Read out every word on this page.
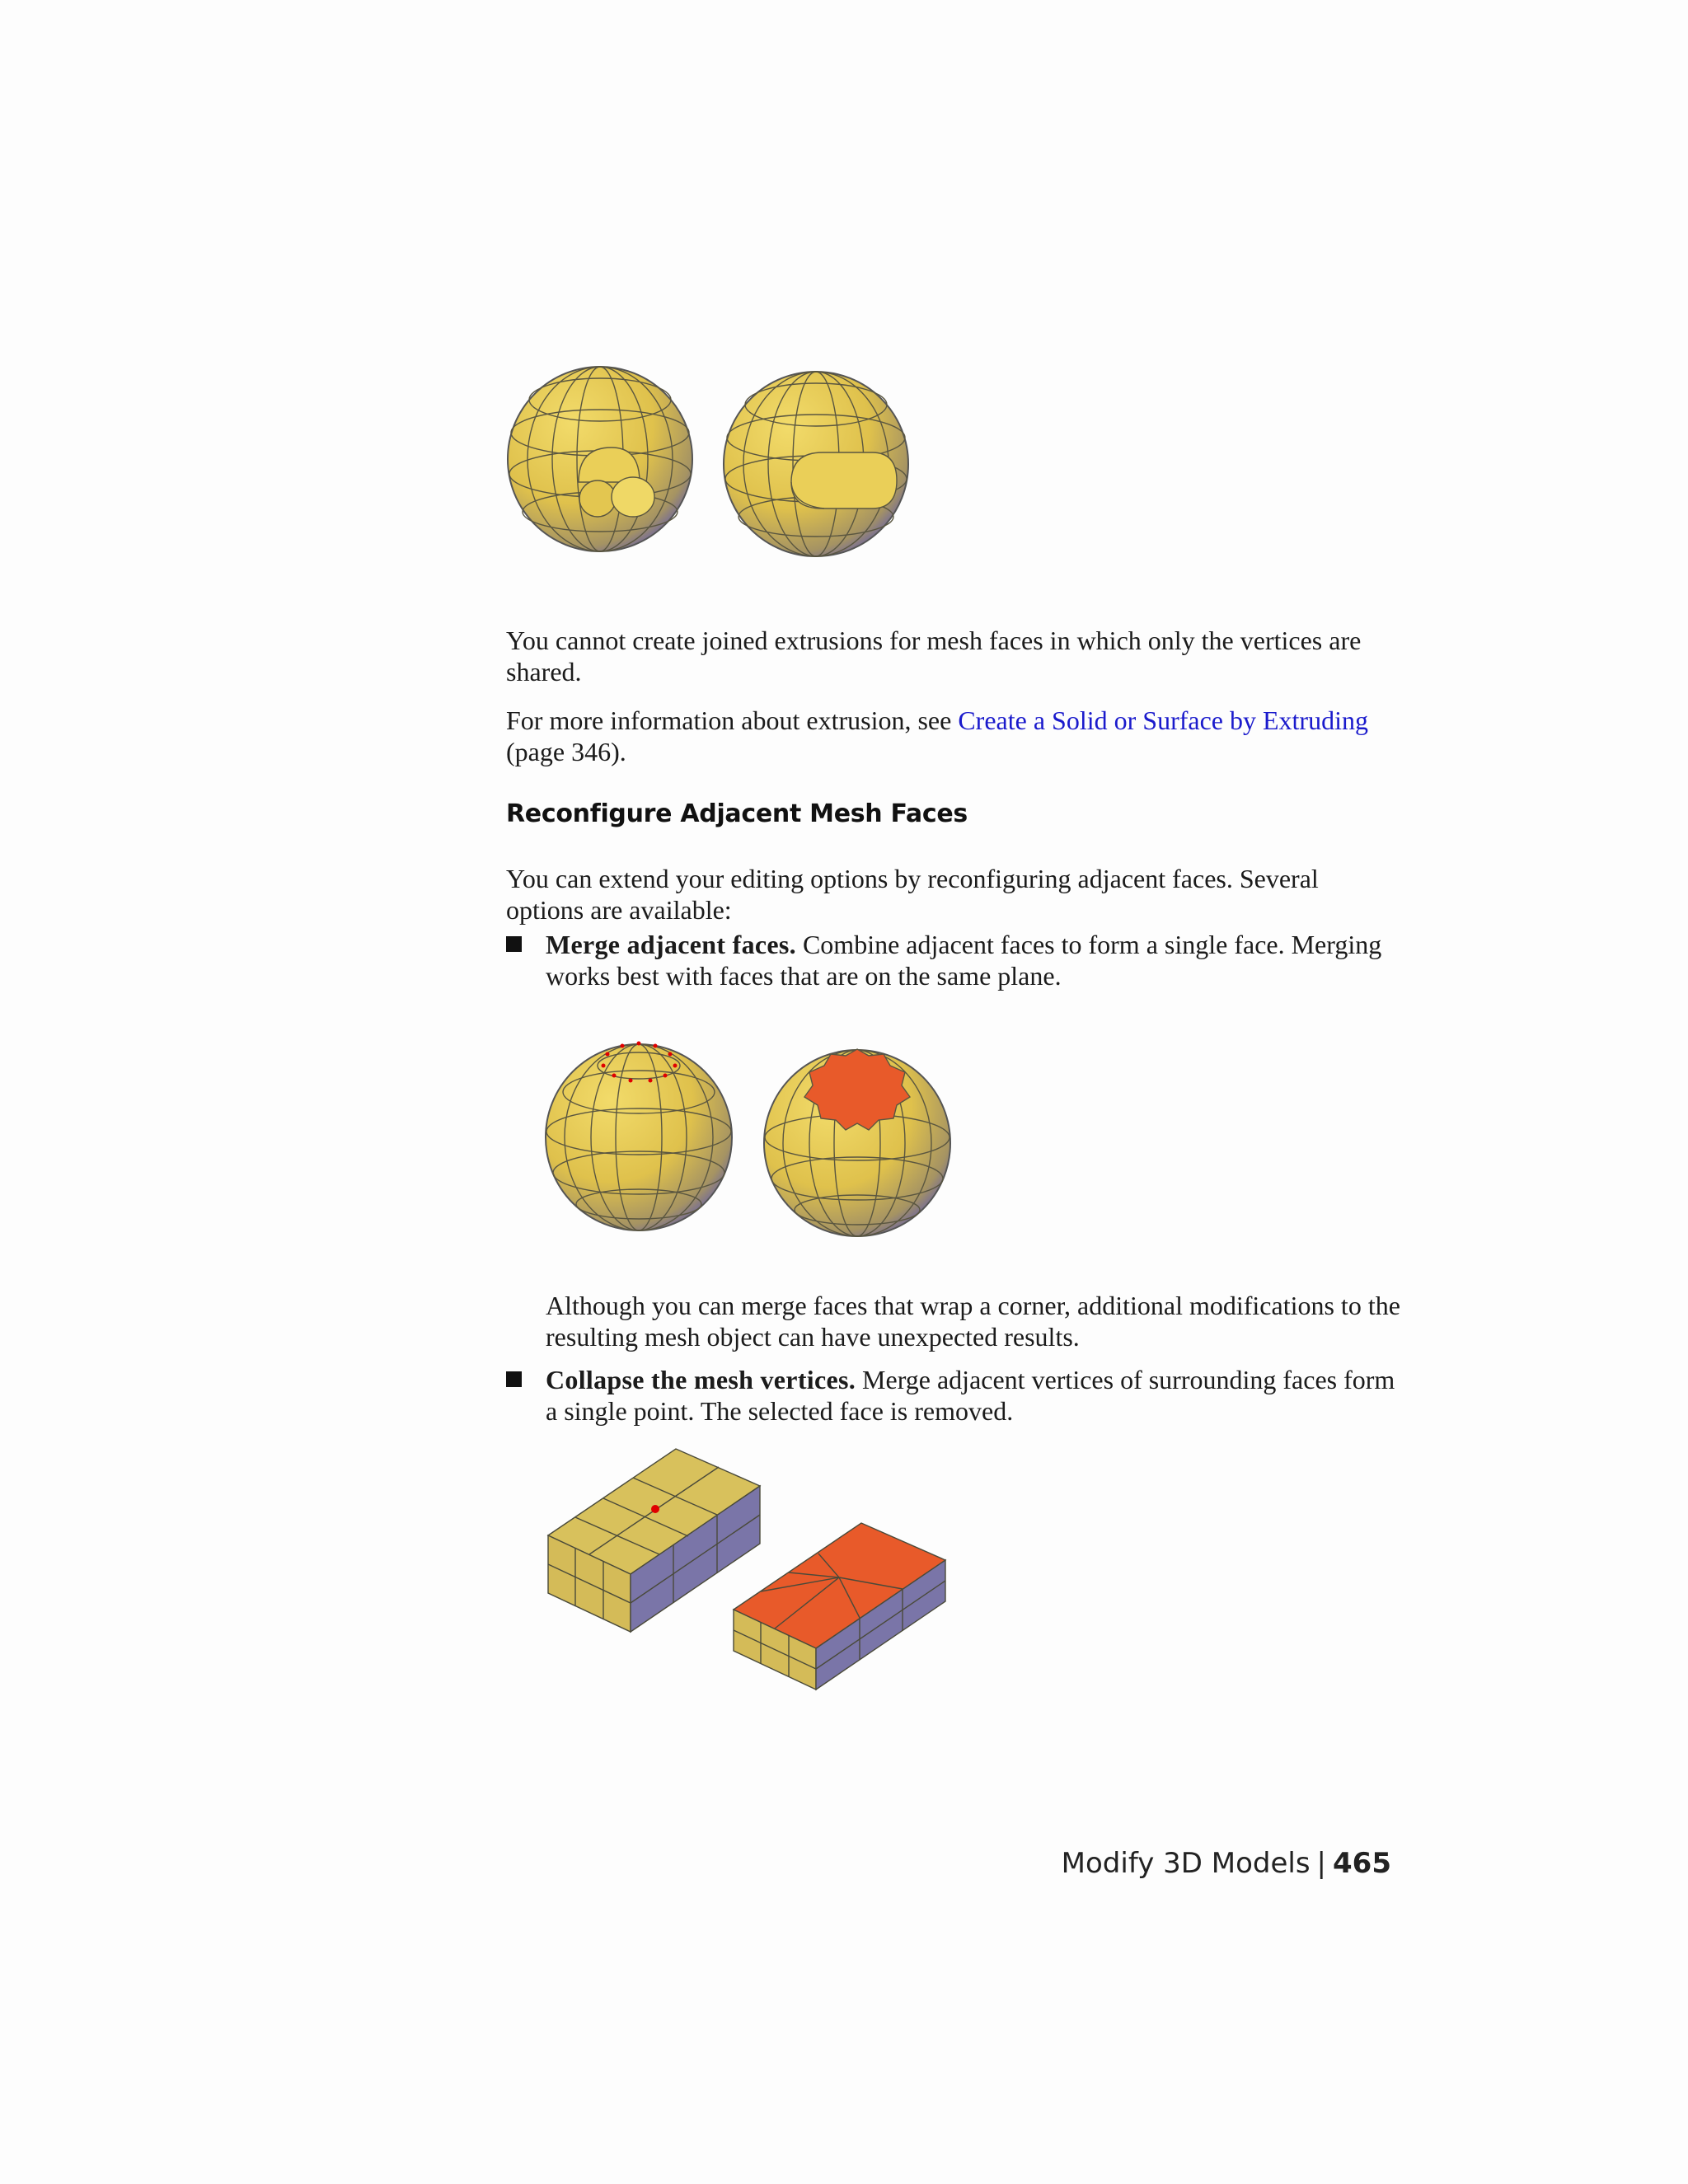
You cannot create joined extrusions for mesh faces in which only the vertices are shared.

For more information about extrusion, see Create a Solid or Surface by Extruding (page 346).

Reconfigure Adjacent Mesh Faces

You can extend your editing options by reconfiguring adjacent faces. Several options are available:

Merge adjacent faces. Combine adjacent faces to form a single face. Merging works best with faces that are on the same plane.

Although you can merge faces that wrap a corner, additional modifications to the resulting mesh object can have unexpected results.

Collapse the mesh vertices. Merge adjacent vertices of surrounding faces form a single point. The selected face is removed.

Modify 3D Models | 465
